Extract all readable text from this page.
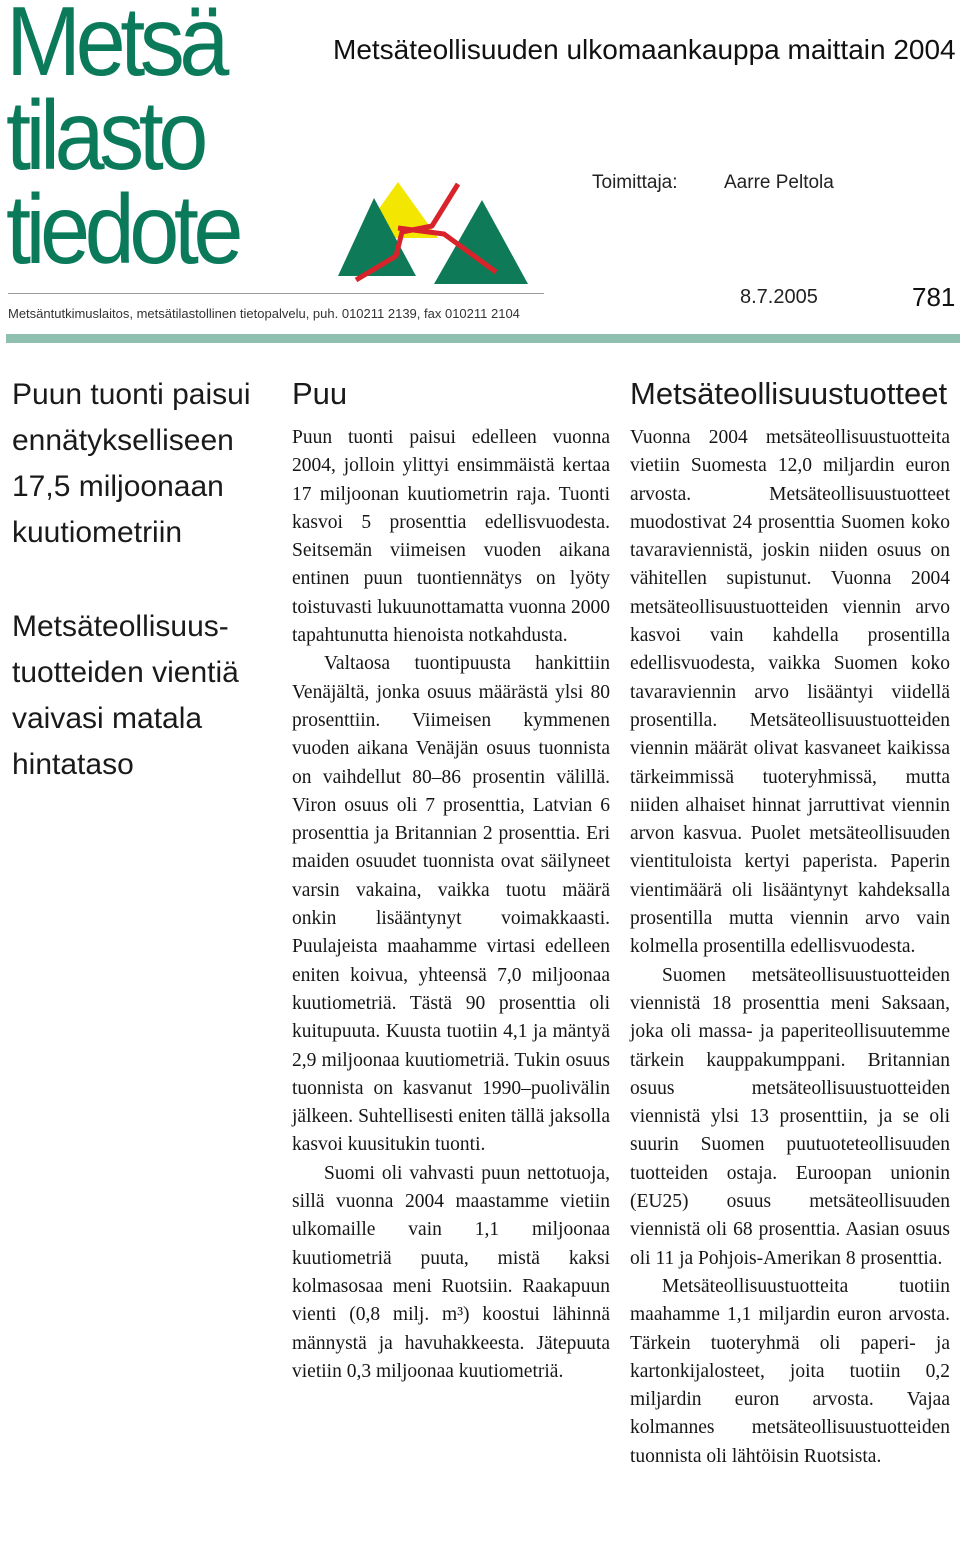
Metsä
tilasto
tiedote
Metsäteollisuuden ulkomaankauppa maittain 2004
Toimittaja: Aarre Peltola
Metsäntutkimuslaitos, metsätilastollinen tietopalvelu, puh. 010211 2139, fax 010211 2104
8.7.2005	781
Puun tuonti paisui ennätykselliseen 17,5 miljoonaan kuutiometriin
Metsäteollisuus-tuotteiden vientiä vaivasi matala hintataso
Puu

Puun tuonti paisui edelleen vuonna 2004, jolloin ylittyi ensimmäistä kertaa 17 miljoonan kuutiometrin raja. Tuonti kasvoi 5 prosenttia edellisvuodesta. Seitsemän viimeisen vuoden aikana entinen puun tuontiennätys on lyöty toistuvasti lukuunottamatta vuonna 2000 tapahtunutta hienoista notkahdusta.

Valtaosa tuontipuusta hankittiin Venäjältä, jonka osuus määrästä ylsi 80 prosenttiin. Viimeisen kymmenen vuoden aikana Venäjän osuus tuonnista on vaihdellut 80–86 prosentin välillä. Viron osuus oli 7 prosenttia, Latvian 6 prosenttia ja Britannian 2 prosenttia. Eri maiden osuudet tuonnista ovat säilyneet varsin vakaina, vaikka tuotu määrä onkin lisääntynyt voimakkaasti. Puulajeista maahamme virtasi edelleen eniten koivua, yhteensä 7,0 miljoonaa kuutiometriä. Tästä 90 prosenttia oli kuitupuuta. Kuusta tuotiin 4,1 ja mäntyä 2,9 miljoonaa kuutiometriä. Tukin osuus tuonnista on kasvanut 1990–puolivälin jälkeen. Suhtellisesti eniten tällä jaksolla kasvoi kuusitukin tuonti.

Suomi oli vahvasti puun nettotuoja, sillä vuonna 2004 maastamme vietiin ulkomaille vain 1,1 miljoonaa kuutiometriä puuta, mistä kaksi kolmasosaa meni Ruotsiin. Raakapuun vienti (0,8 milj. m³) koostui lähinnä männystä ja havuhakkeesta. Jätepuuta vietiin 0,3 miljoonaa kuutiometriä.

Metsäteollisuustuotteet

Vuonna 2004 metsäteollisuustuotteita vietiin Suomesta 12,0 miljardin euron arvosta. Metsäteollisuustuotteet muodostivat 24 prosenttia Suomen koko tavaraviennistä, joskin niiden osuus on vähitellen supistunut. Vuonna 2004 metsäteollisuustuotteiden viennin arvo kasvoi vain kahdella prosentilla edellisvuodesta, vaikka Suomen koko tavaraviennin arvo lisääntyi viidellä prosentilla. Metsäteollisuustuotteiden viennin määrät olivat kasvaneet kaikissa tärkeimmissä tuoteryhmissä, mutta niiden alhaiset hinnat jarruttivat viennin arvon kasvua. Puolet metsäteollisuuden vientituloista kertyi paperista. Paperin vientimäärä oli lisääntynyt kahdeksalla prosentilla mutta viennin arvo vain kolmella prosentilla edellisvuodesta.

Suomen metsäteollisuustuotteiden viennistä 18 prosenttia meni Saksaan, joka oli massa- ja paperiteollisuutemme tärkein kauppakumppani. Britannian osuus metsäteollisuustuotteiden viennistä ylsi 13 prosenttiin, ja se oli suurin Suomen puutuoteteollisuuden tuotteiden ostaja. Euroopan unionin (EU25) osuus metsäteollisuuden viennistä oli 68 prosenttia. Aasian osuus oli 11 ja Pohjois-Amerikan 8 prosenttia.

Metsäteollisuustuotteita tuotiin maahamme 1,1 miljardin euron arvosta. Tärkein tuoteryhmä oli paperi- ja kartonkijalosteet, joita tuotiin 0,2 miljardin euron arvosta. Vajaa kolmannes metsäteollisuustuotteiden tuonnista oli lähtöisin Ruotsista.
